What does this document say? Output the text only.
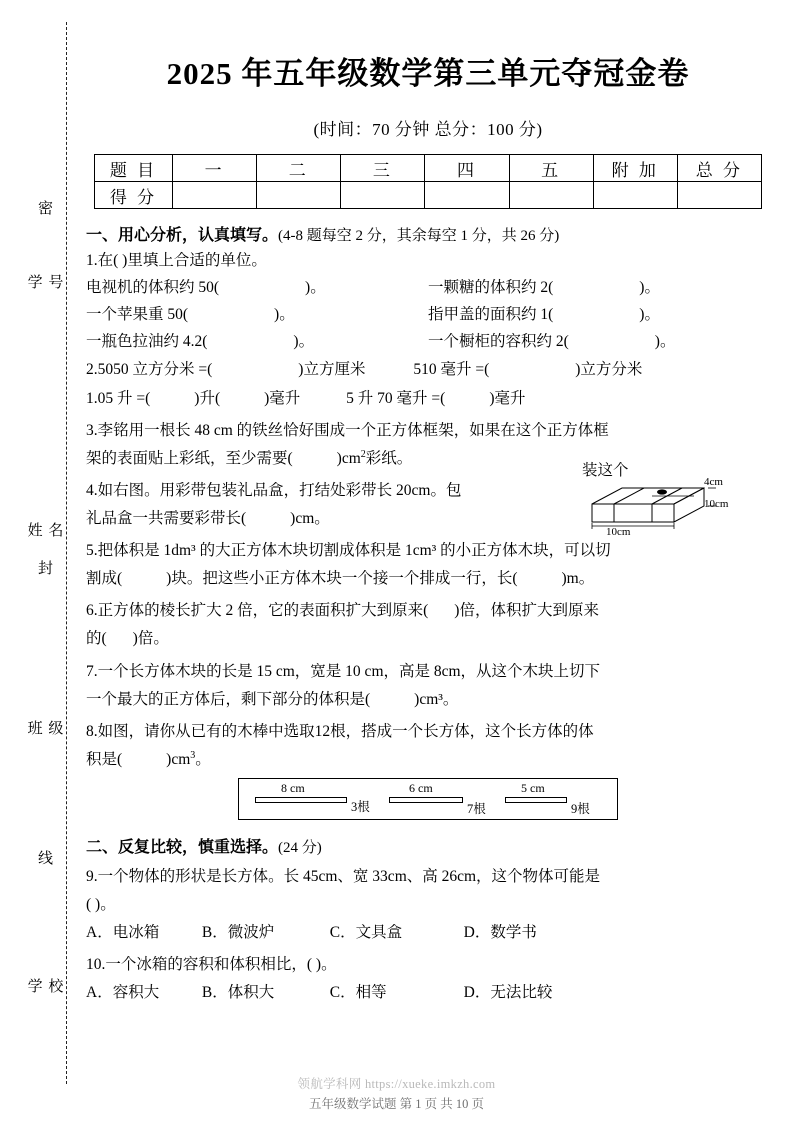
密
学 号
姓 名
封
班 级
线
学 校
2025 年五年级数学第三单元夺冠金卷
(时间：70 分钟 总分：100 分)
题 目	一	二	三	四	五	附 加	总 分
得 分							
一、用心分析，认真填写。(4-8 题每空 2 分，其余每空 1 分，共 26 分)
1.在( )里填上合适的单位。
电视机的体积约 50(	)。	一颗糖的体积约 2(	)。
一个苹果重 50(	)。	指甲盖的面积约 1(	)。
一瓶色拉油约 4.2(	)。	一个橱柜的容积约 2(	)。
2.5050 立方分米 =(	)立方厘米	510 毫升 =(	)立方分米
1.05 升 =(	)升(	)毫升	5 升 70 毫升 =(	)毫升
3.李铭用一根长 48 cm 的铁丝恰好围成一个正方体框架，如果在这个正方体框
架的表面贴上彩纸，至少需要(	)$cm^2$彩纸。
4.如右图。用彩带包装礼品盒，打结处彩带长 20cm。包
礼品盒一共需要彩带长(	)cm。
4cm
10cm
10cm
装这个
5.把体积是 1dm³ 的大正方体木块切割成体积是 1cm³ 的小正方体木块，可以切
割成(	)块。把这些小正方体木块一个接一个排成一行，长(	)m。
6.正方体的棱长扩大 2 倍，它的表面积扩大到原来( )倍，体积扩大到原来
的( )倍。
7.一个长方体木块的长是 15 cm，宽是 10 cm，高是 8cm，从这个木块上切下
一个最大的正方体后，剩下部分的体积是(	)cm³。
8.如图，请你从已有的木棒中选取12根，搭成一个长方体，这个长方体的体
积是(	)$cm^3$。
8 cm
3根
6 cm
7根
5 cm
9根
二、反复比较，慎重选择。(24 分)
9.一个物体的形状是长方体。长 45cm、宽 33cm、高 26cm，这个物体可能是
( )。
A．电冰箱	B．微波炉	C．文具盒	D．数学书
10.一个冰箱的容积和体积相比，( )。
A．容积大	B．体积大	C．相等	D．无法比较
领航学科网 https://xueke.imkzh.com
五年级数学试题 第 1 页 共 10 页
